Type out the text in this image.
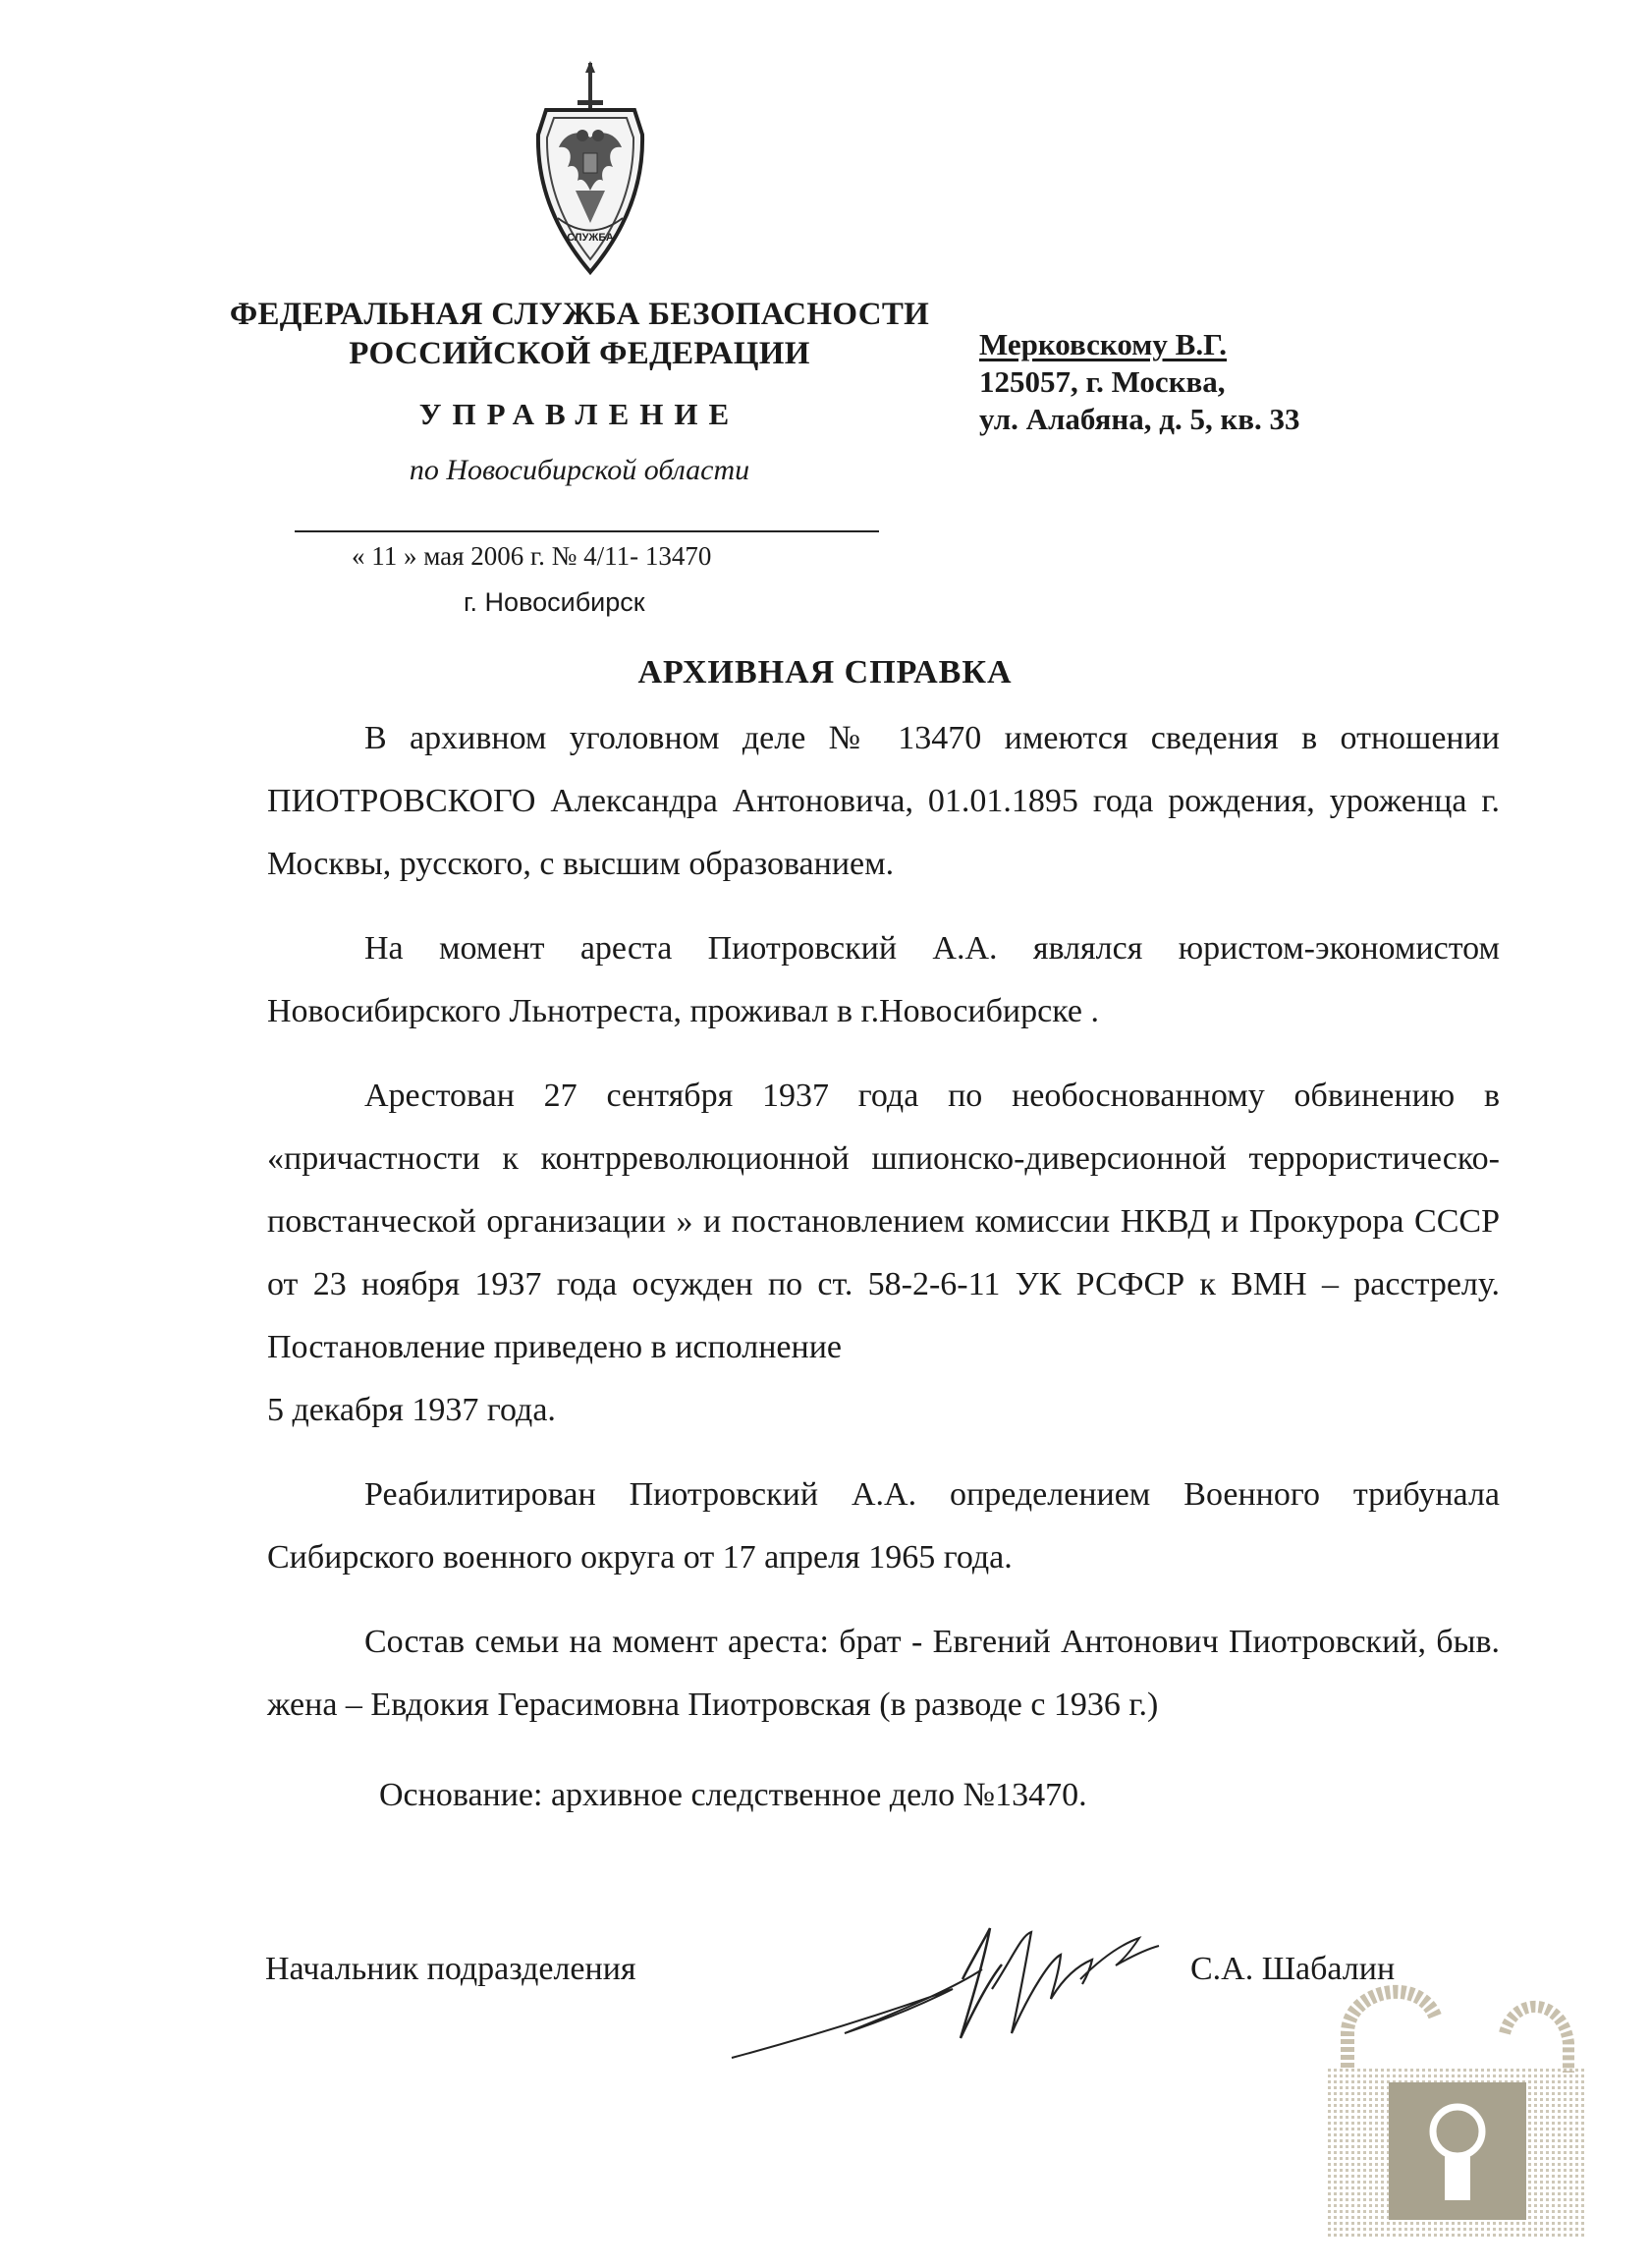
СЛУЖБА
ФЕДЕРАЛЬНАЯ СЛУЖБА БЕЗОПАСНОСТИ
РОССИЙСКОЙ ФЕДЕРАЦИИ
УПРАВЛЕНИЕ
по Новосибирской области
« 11 » мая 2006 г. № 4/11- 13470
г. Новосибирск
Мерковскому В.Г.
125057, г. Москва,
ул. Алабяна, д. 5, кв. 33
АРХИВНАЯ СПРАВКА

В архивном уголовном деле № 13470 имеются сведения в отношении ПИОТРОВСКОГО Александра Антоновича, 01.01.1895 года рождения, уроженца г. Москвы, русского, с высшим образованием.

На момент ареста Пиотровский А.А. являлся юристом-экономистом Новосибирского Льнотреста, проживал в г.Новосибирске .

Арестован 27 сентября 1937 года по необоснованному обвинению в «причастности к контрреволюционной шпионско-диверсионной террористическо-повстанческой организации » и постановлением комиссии НКВД и Прокурора СССР от 23 ноября 1937 года осужден по ст. 58-2-6-11 УК РСФСР к ВМН – расстрелу. Постановление приведено в исполнение

5 декабря 1937 года.

Реабилитирован Пиотровский А.А. определением Военного трибунала Сибирского военного округа от 17 апреля 1965 года.

Состав семьи на момент ареста: брат - Евгений Антонович Пиотровский, быв. жена – Евдокия Герасимовна Пиотровская (в разводе с 1936 г.)

Основание: архивное следственное дело №13470.

Начальник подразделения	С.А. Шабалин
